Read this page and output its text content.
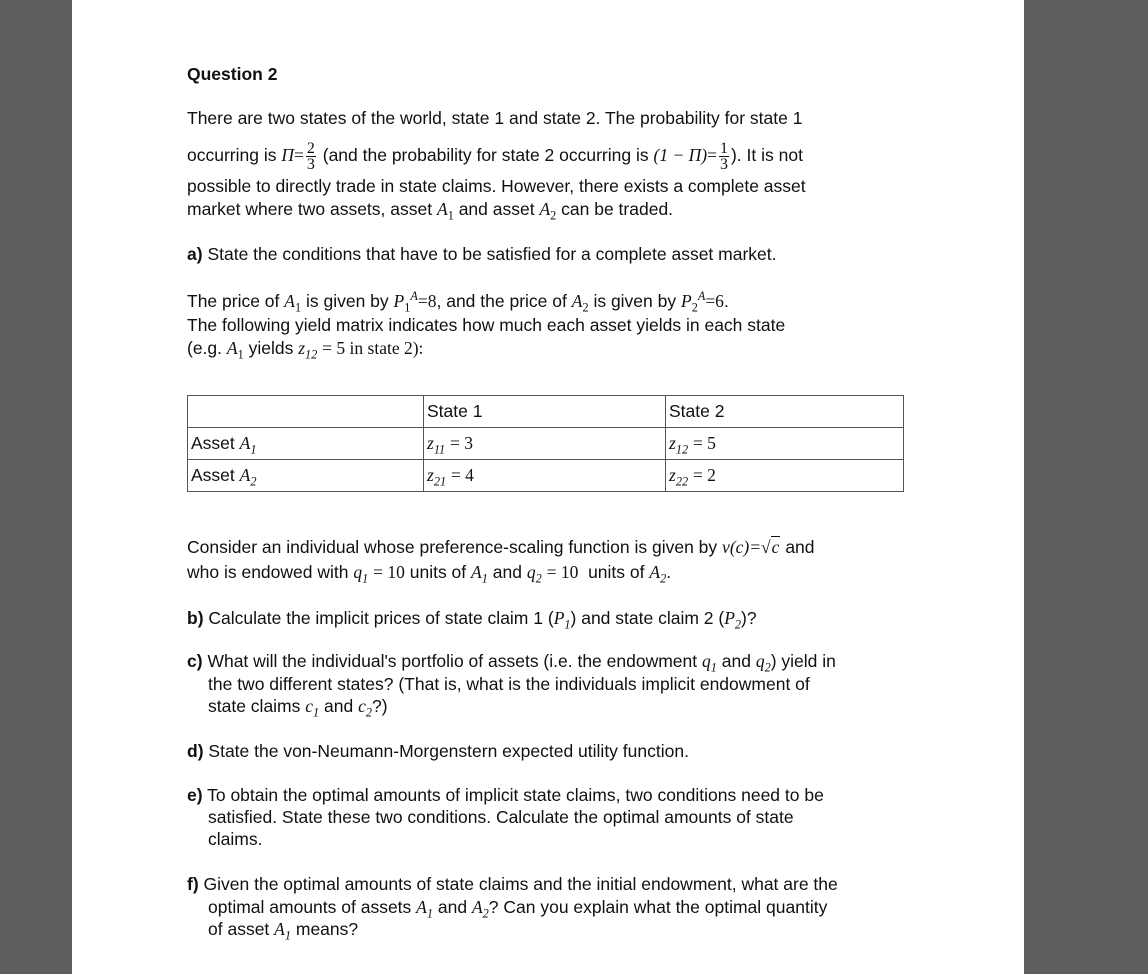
Question 2
There are two states of the world, state 1 and state 2. The probability for state 1
occurring is $\Pi= \frac{2}{3} (and$ the probability for state 2 occurring is $(1 - \Pi)= \frac{1}{3}$ ). It is not
possible to directly trade in state claims. However, there exists a complete asset
market where two assets, asset $A_1$ and asset $A_2$ can be traded.
a) State the conditions that have to be satisfied for a complete asset market.
The price of $A_1$ is given by $P_1^A=8$, and the price of $A_2$ is given by $P_2^A=6$.
The following yield matrix indicates how much each asset yields in each state
(e.g. $A_1$ yields $z_{12} = 5$ in state 2):
	State 1	State 2
Asset $A_1$	$z_{11} = 3$	$z_{12} = 5$
Asset $A_2$	$z_{21} = 4$	$z_{22} = 2$
Consider an individual whose preference-scaling function is given by v(c)=√c and
who is endowed with $q_1 = 10$ units of $A_1$ and $q_2 = 10$ units of $A_2$.
b) Calculate the implicit prices of state claim 1 $(P_1)$ and state claim 2 $(P_2)$?
c) What will the individual's portfolio of assets (i.e. the endowment $q_1$ and $q_2$) yield in
the two different states? (That is, what is the individuals implicit endowment of
state claims $c_1$ and $c_2$?)
d) State the von-Neumann-Morgenstern expected utility function.
e) To obtain the optimal amounts of implicit state claims, two conditions need to be
satisfied. State these two conditions. Calculate the optimal amounts of state
claims.
f) Given the optimal amounts of state claims and the initial endowment, what are the
optimal amounts of assets $A_1$ and $A_2$? Can you explain what the optimal quantity
of asset $A_1$ means?
